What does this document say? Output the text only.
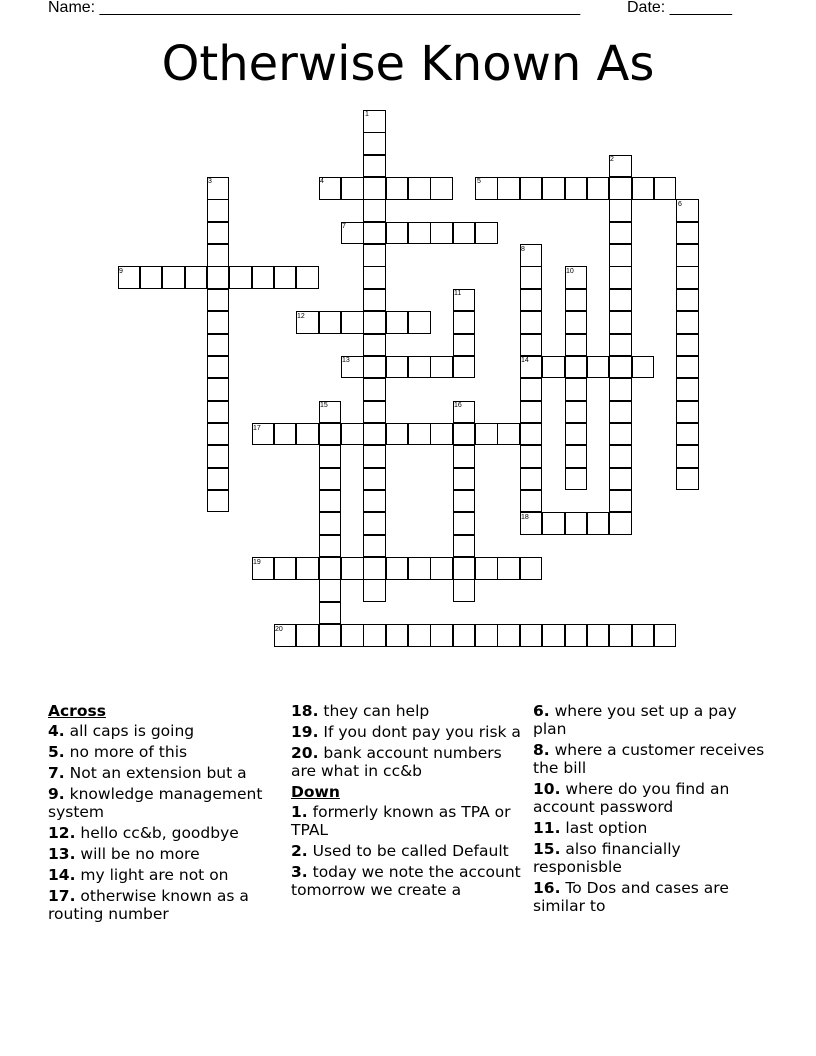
Name: ______________________________________________________	Date: _______
Otherwise Known As
1
2
3	4	5
6
7
8
9	10
11
12
13	14
15	16
17
18
19
20
Across
4. all caps is going
5. no more of this
7. Not an extension but a
9. knowledge management system
12. hello cc&b, goodbye
13. will be no more
14. my light are not on
17. otherwise known as a routing number
18. they can help
19. If you dont pay you risk a
20. bank account numbers are what in cc&b
Down
1. formerly known as TPA or TPAL
2. Used to be called Default
3. today we note the account tomorrow we create a
6. where you set up a pay plan
8. where a customer receives the bill
10. where do you find an account password
11. last option
15. also financially responisble
16. To Dos and cases are similar to
